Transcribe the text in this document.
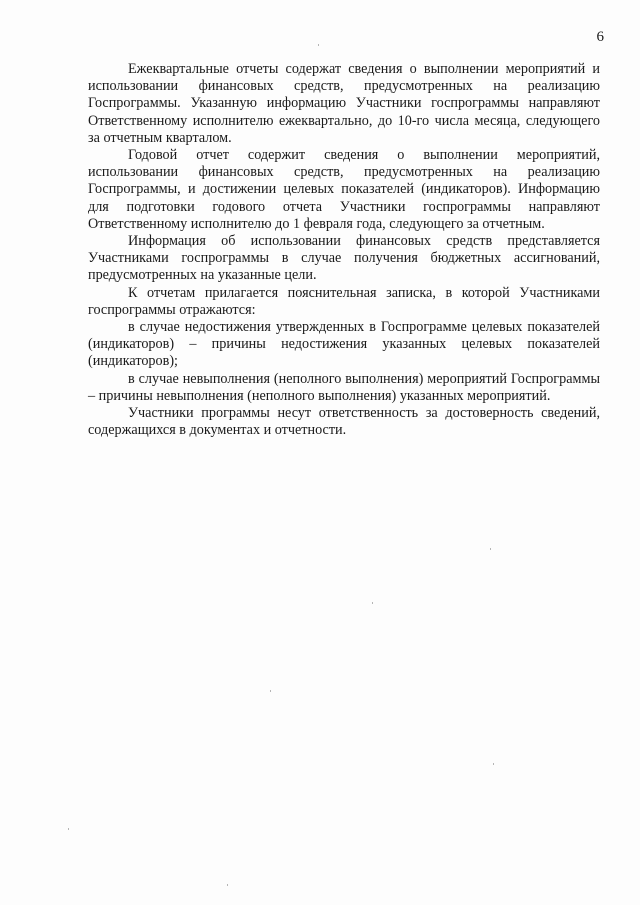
6

Ежеквартальные отчеты содержат сведения о выполнении мероприятий и использовании финансовых средств, предусмотренных на реализацию Госпрограммы. Указанную информацию Участники госпрограммы направляют Ответственному исполнителю ежеквартально, до 10-го числа месяца, следующего за отчетным кварталом.

Годовой отчет содержит сведения о выполнении мероприятий, использовании финансовых средств, предусмотренных на реализацию Госпрограммы, и достижении целевых показателей (индикаторов). Информацию для подготовки годового отчета Участники госпрограммы направляют Ответственному исполнителю до 1 февраля года, следующего за отчетным.

Информация об использовании финансовых средств представляется Участниками госпрограммы в случае получения бюджетных ассигнований, предусмотренных на указанные цели.

К отчетам прилагается пояснительная записка, в которой Участниками госпрограммы отражаются:

в случае недостижения утвержденных в Госпрограмме целевых показателей (индикаторов) – причины недостижения указанных целевых показателей (индикаторов);

в случае невыполнения (неполного выполнения) мероприятий Госпрограммы – причины невыполнения (неполного выполнения) указанных мероприятий.

Участники программы несут ответственность за достоверность сведений, содержащихся в документах и отчетности.
